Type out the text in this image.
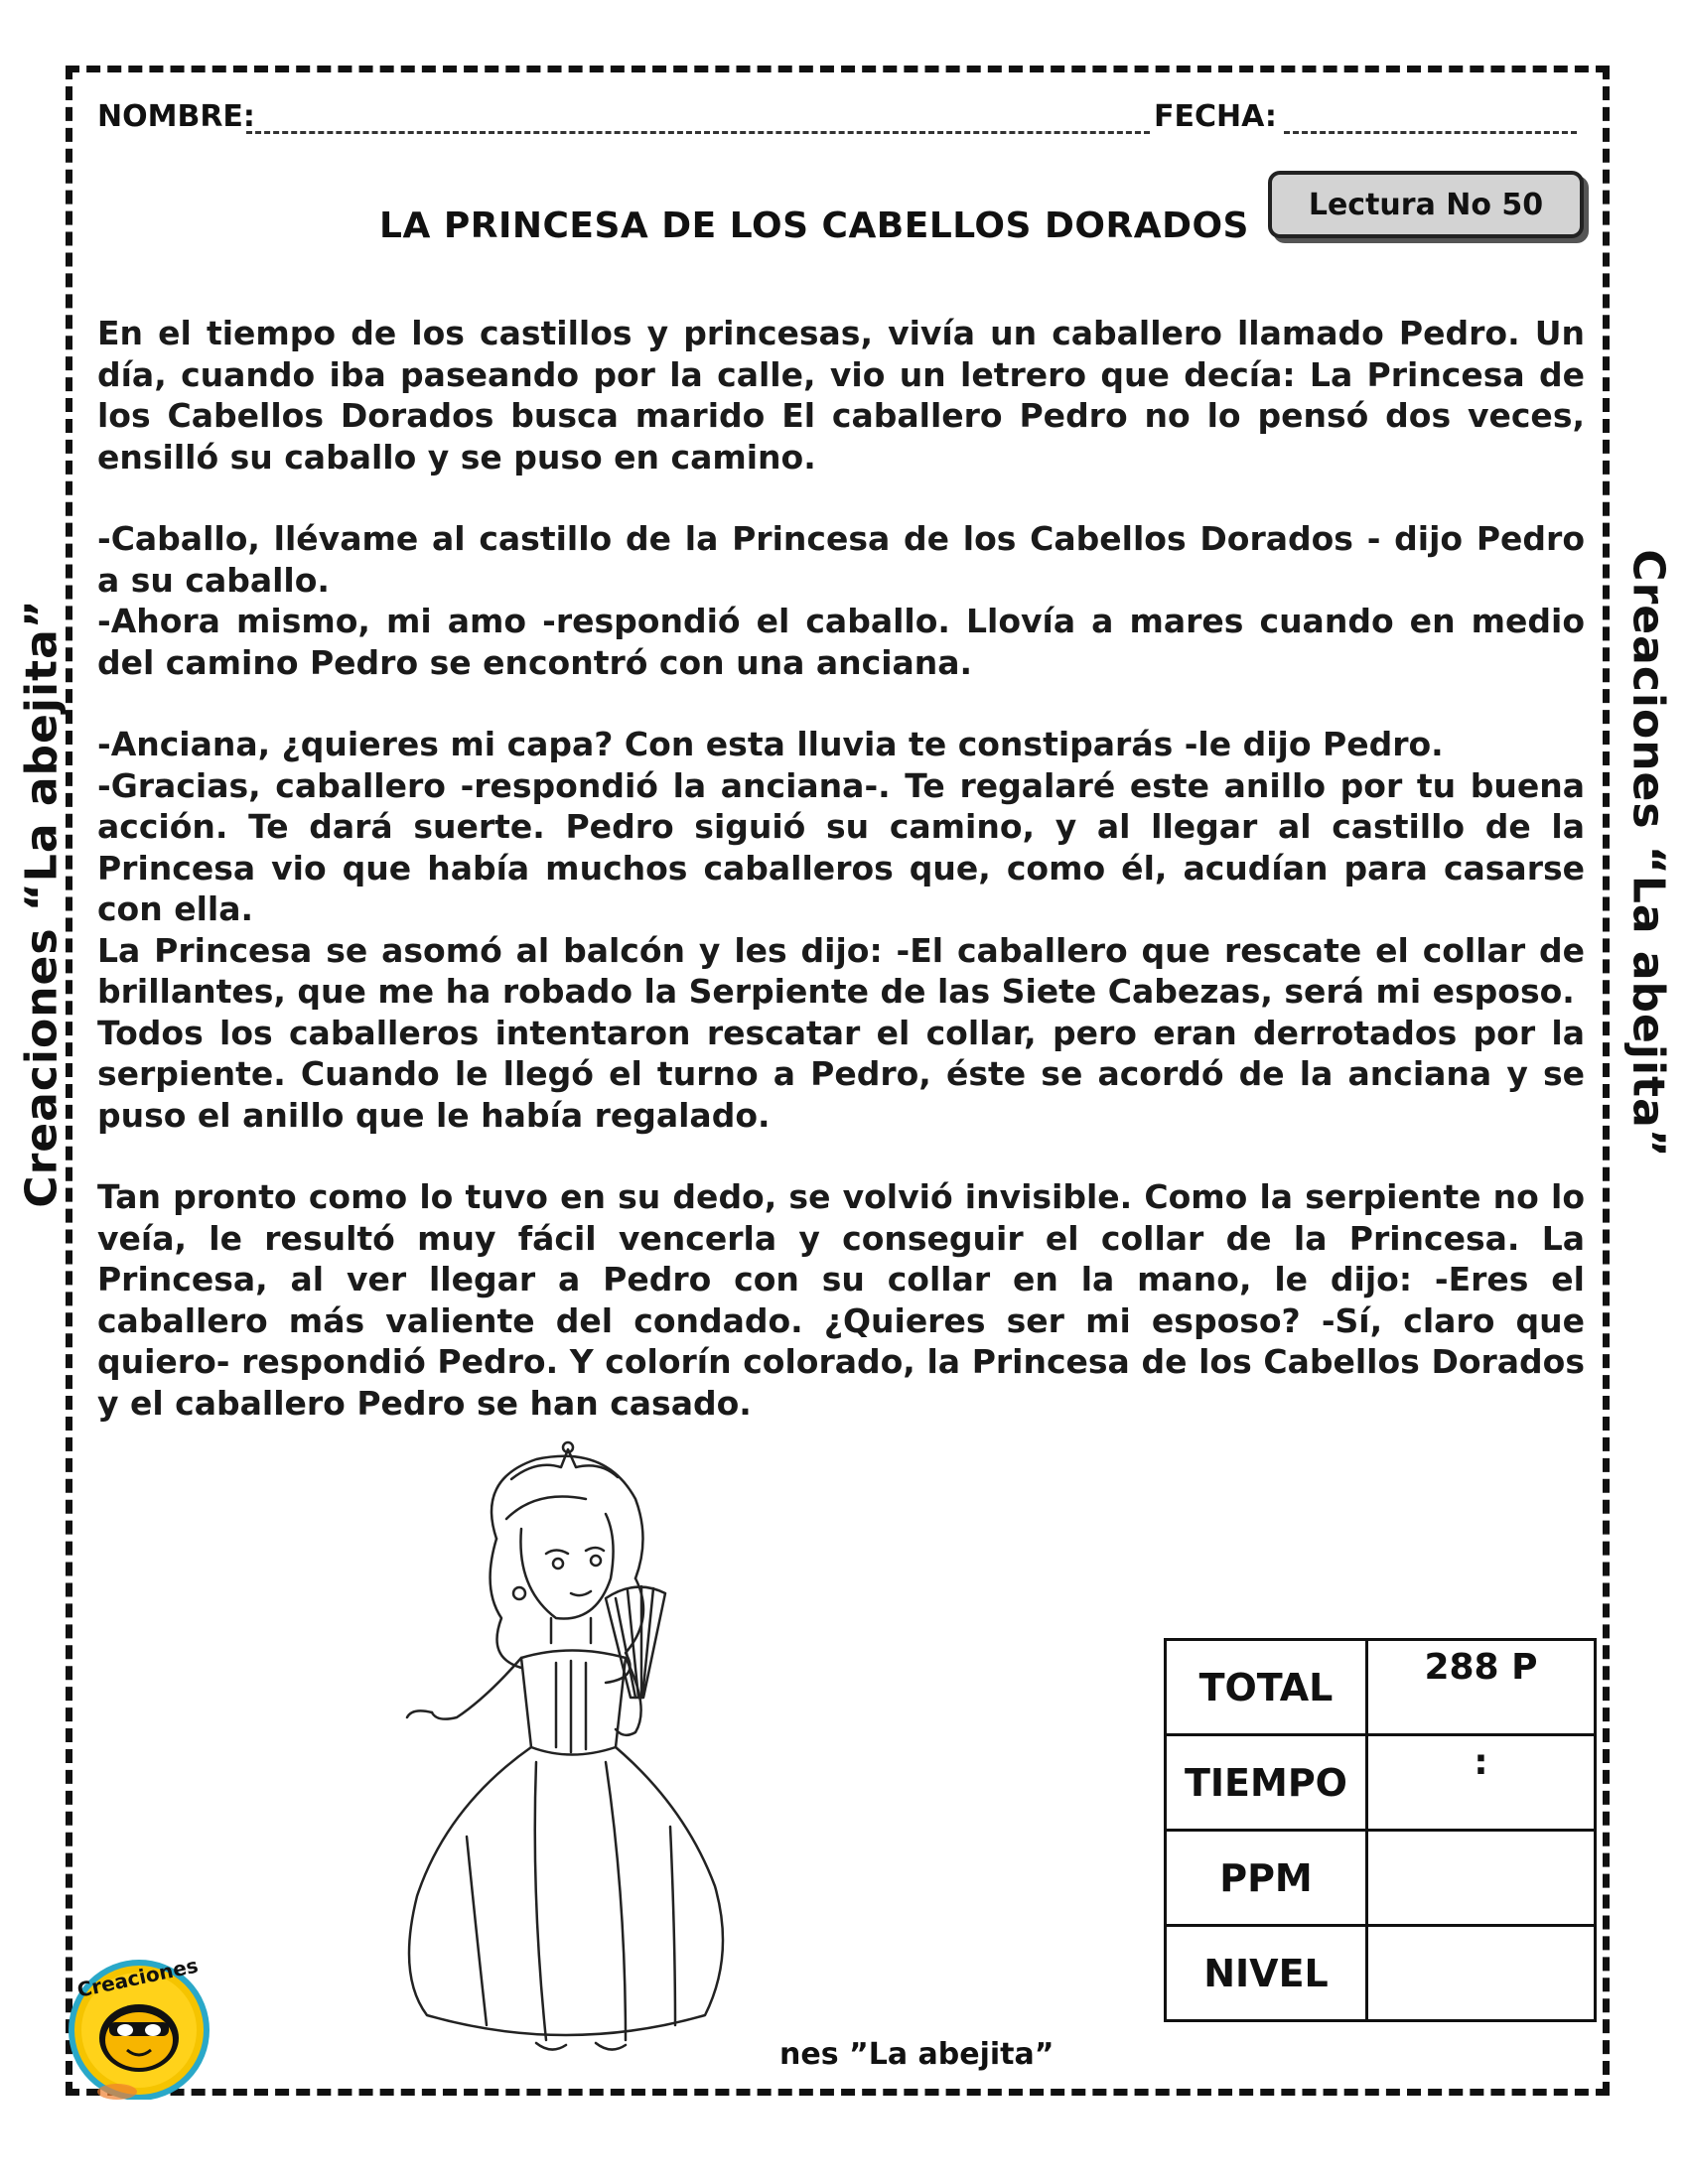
Creaciones “La abejita”	Creaciones “La abejita”
NOMBRE:	FECHA:
Lectura No 50
LA PRINCESA DE LOS CABELLOS DORADOS

En el tiempo de los castillos y princesas, vivía un caballero llamado Pedro. Un día, cuando iba paseando por la calle, vio un letrero que decía: La Princesa de los Cabellos Dorados busca marido El caballero Pedro no lo pensó dos veces, ensilló su caballo y se puso en camino.

-Caballo, llévame al castillo de la Princesa de los Cabellos Dorados - dijo Pedro a su caballo.

-Ahora mismo, mi amo -respondió el caballo. Llovía a mares cuando en medio del camino Pedro se encontró con una anciana.

-Anciana, ¿quieres mi capa? Con esta lluvia te constiparás -le dijo Pedro.

-Gracias, caballero -respondió la anciana-. Te regalaré este anillo por tu buena acción. Te dará suerte. Pedro siguió su camino, y al llegar al castillo de la Princesa vio que había muchos caballeros que, como él, acudían para casarse con ella.

La Princesa se asomó al balcón y les dijo: -El caballero que rescate el collar de brillantes, que me ha robado la Serpiente de las Siete Cabezas, será mi esposo.

Todos los caballeros intentaron rescatar el collar, pero eran derrotados por la serpiente. Cuando le llegó el turno a Pedro, éste se acordó de la anciana y se puso el anillo que le había regalado.

Tan pronto como lo tuvo en su dedo, se volvió invisible. Como la serpiente no lo veía, le resultó muy fácil vencerla y conseguir el collar de la Princesa. La Princesa, al ver llegar a Pedro con su collar en la mano, le dijo: -Eres el caballero más valiente del condado. ¿Quieres ser mi esposo? -Sí, claro que quiero- respondió Pedro. Y colorín colorado, la Princesa de los Cabellos Dorados y el caballero Pedro se han casado.

TOTAL	288 P
TIEMPO	:
PPM	
NIVEL	
Creaciones
nes ”La abejita”
